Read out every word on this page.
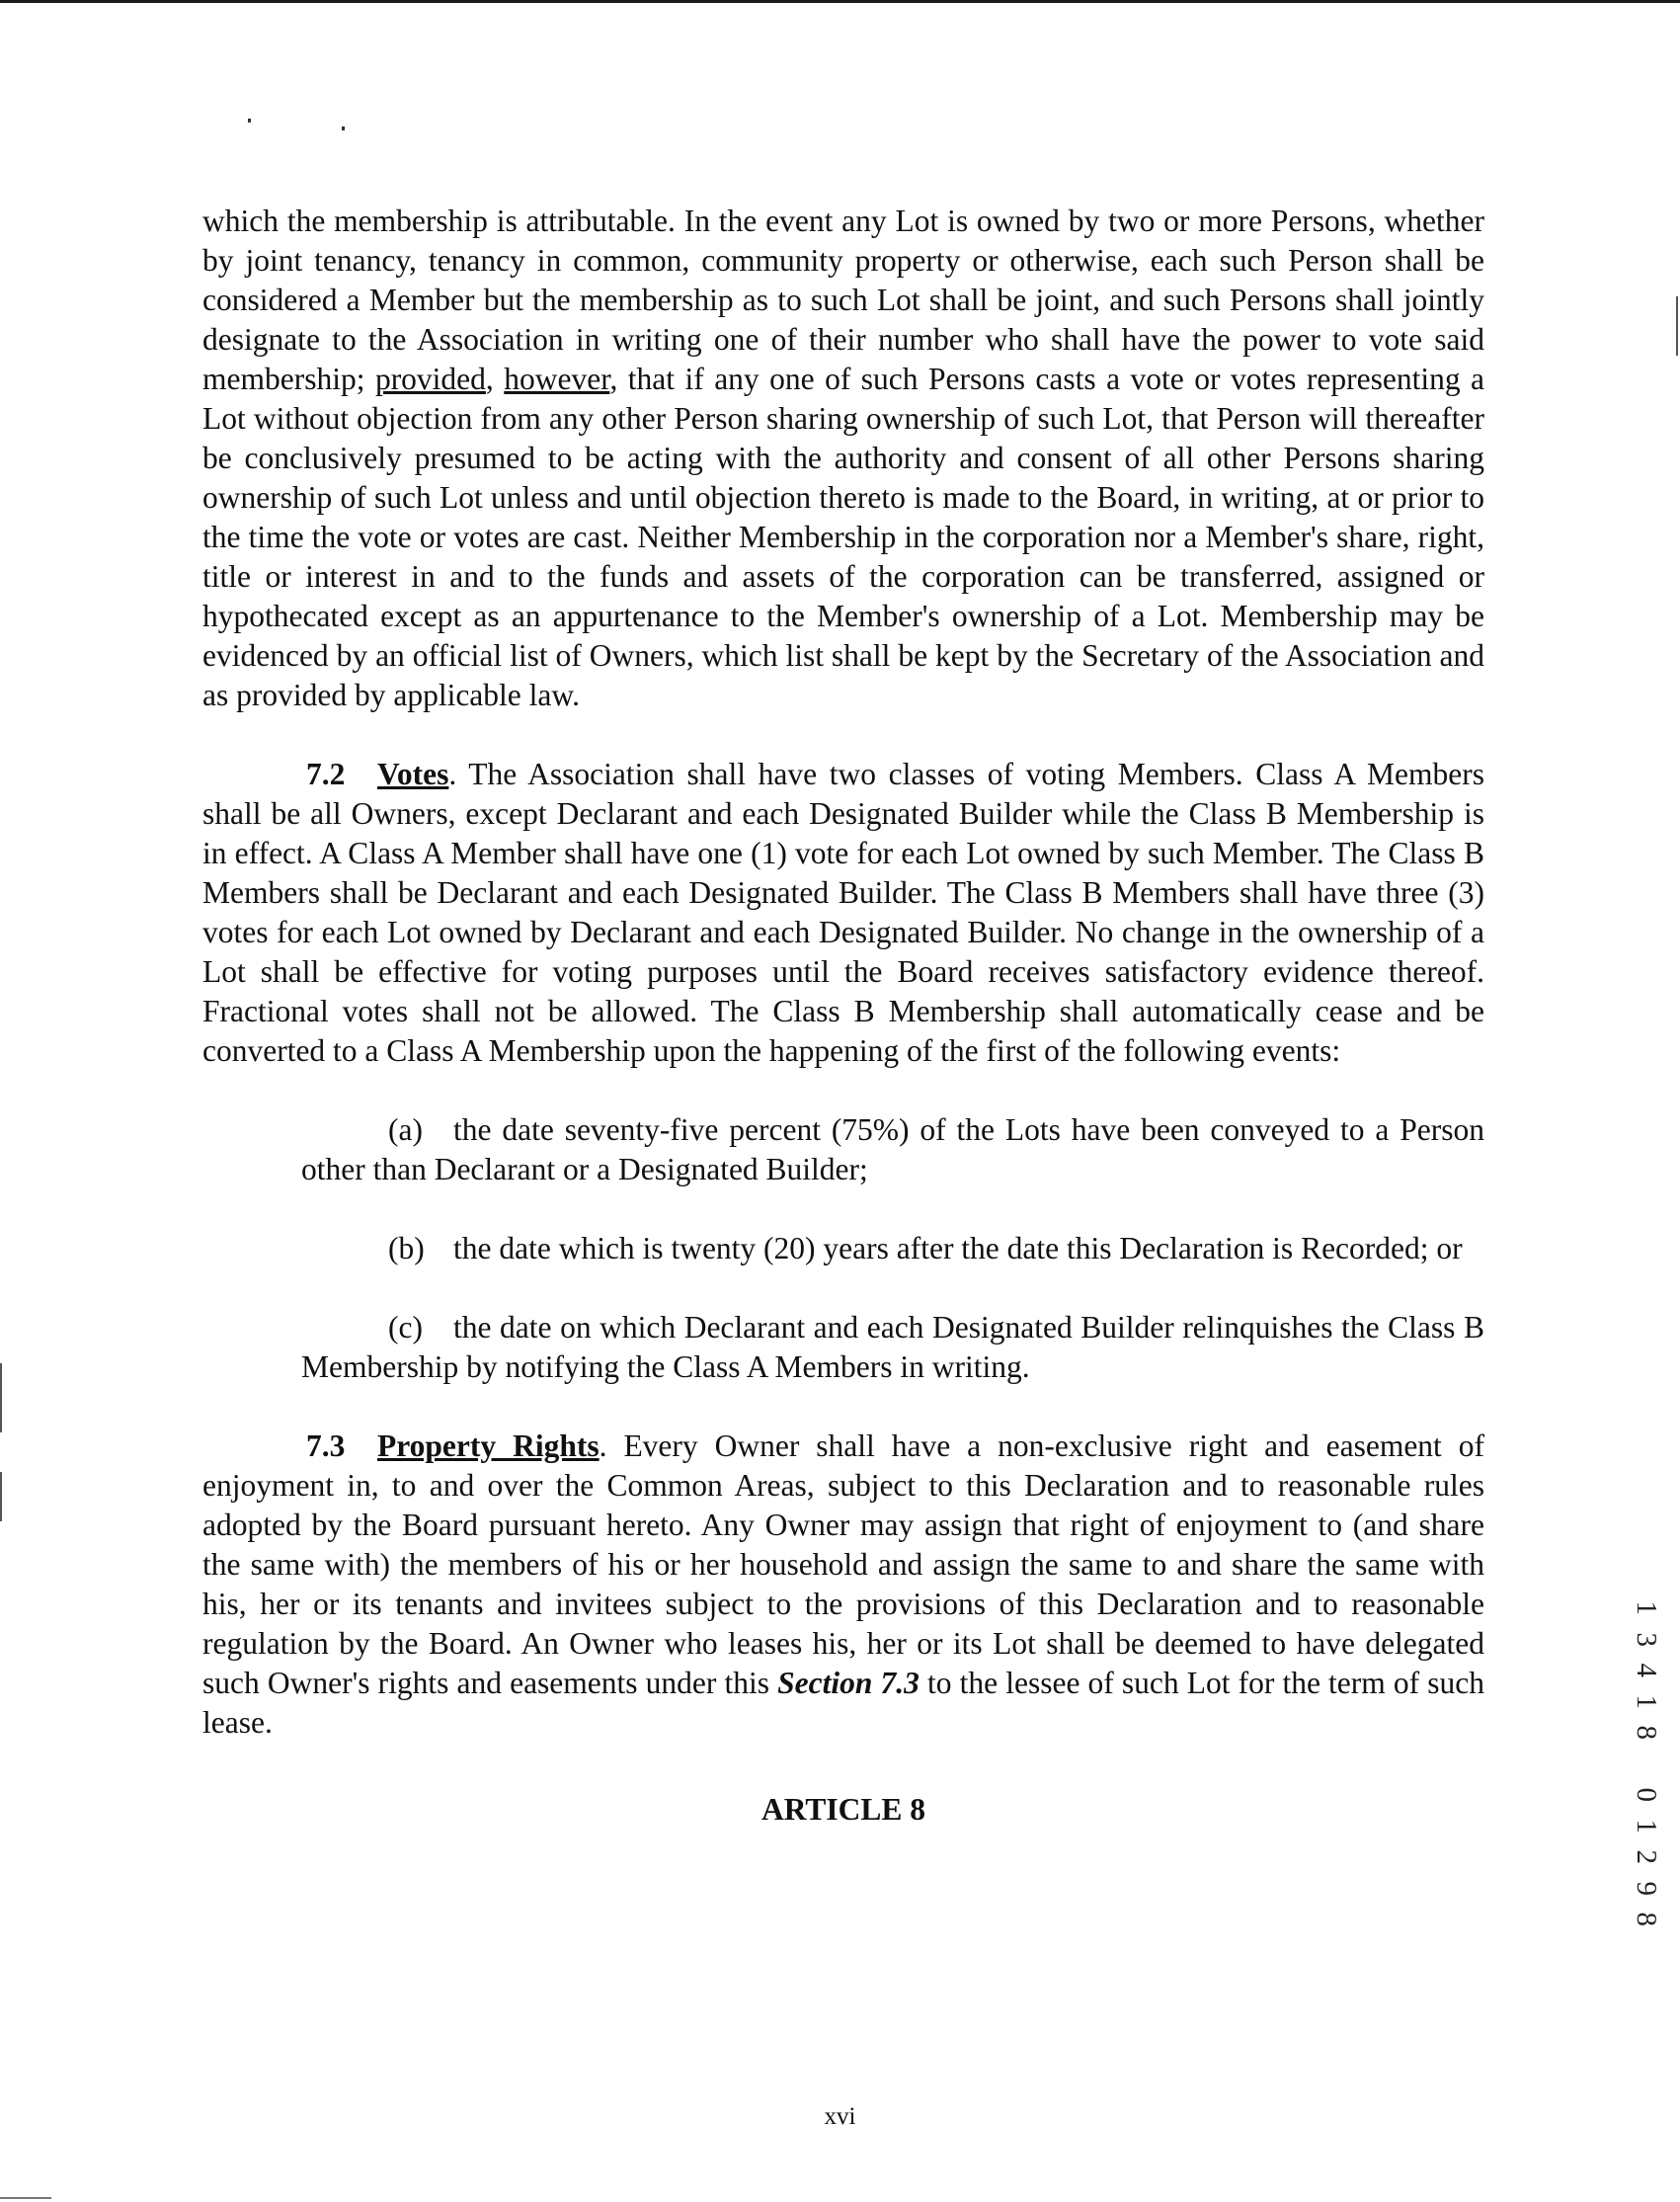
which the membership is attributable. In the event any Lot is owned by two or more Persons, whether by joint tenancy, tenancy in common, community property or otherwise, each such Person shall be considered a Member but the membership as to such Lot shall be joint, and such Persons shall jointly designate to the Association in writing one of their number who shall have the power to vote said membership; provided, however, that if any one of such Persons casts a vote or votes representing a Lot without objection from any other Person sharing ownership of such Lot, that Person will thereafter be conclusively presumed to be acting with the authority and consent of all other Persons sharing ownership of such Lot unless and until objection thereto is made to the Board, in writing, at or prior to the time the vote or votes are cast. Neither Membership in the corporation nor a Member's share, right, title or interest in and to the funds and assets of the corporation can be transferred, assigned or hypothecated except as an appurtenance to the Member's ownership of a Lot. Membership may be evidenced by an official list of Owners, which list shall be kept by the Secretary of the Association and as provided by applicable law.

7.2 Votes. The Association shall have two classes of voting Members. Class A Members shall be all Owners, except Declarant and each Designated Builder while the Class B Membership is in effect. A Class A Member shall have one (1) vote for each Lot owned by such Member. The Class B Members shall be Declarant and each Designated Builder. The Class B Members shall have three (3) votes for each Lot owned by Declarant and each Designated Builder. No change in the ownership of a Lot shall be effective for voting purposes until the Board receives satisfactory evidence thereof. Fractional votes shall not be allowed. The Class B Membership shall automatically cease and be converted to a Class A Membership upon the happening of the first of the following events:

(a) the date seventy-five percent (75%) of the Lots have been conveyed to a Person other than Declarant or a Designated Builder;

(b) the date which is twenty (20) years after the date this Declaration is Recorded; or

(c) the date on which Declarant and each Designated Builder relinquishes the Class B Membership by notifying the Class A Members in writing.

7.3 Property Rights. Every Owner shall have a non-exclusive right and easement of enjoyment in, to and over the Common Areas, subject to this Declaration and to reasonable rules adopted by the Board pursuant hereto. Any Owner may assign that right of enjoyment to (and share the same with) the members of his or her household and assign the same to and share the same with his, her or its tenants and invitees subject to the provisions of this Declaration and to reasonable regulation by the Board. An Owner who leases his, her or its Lot shall be deemed to have delegated such Owner's rights and easements under this Section 7.3 to the lessee of such Lot for the term of such lease.

ARTICLE 8

1
3
4
1
8
0
1
2
9
8
xvi
